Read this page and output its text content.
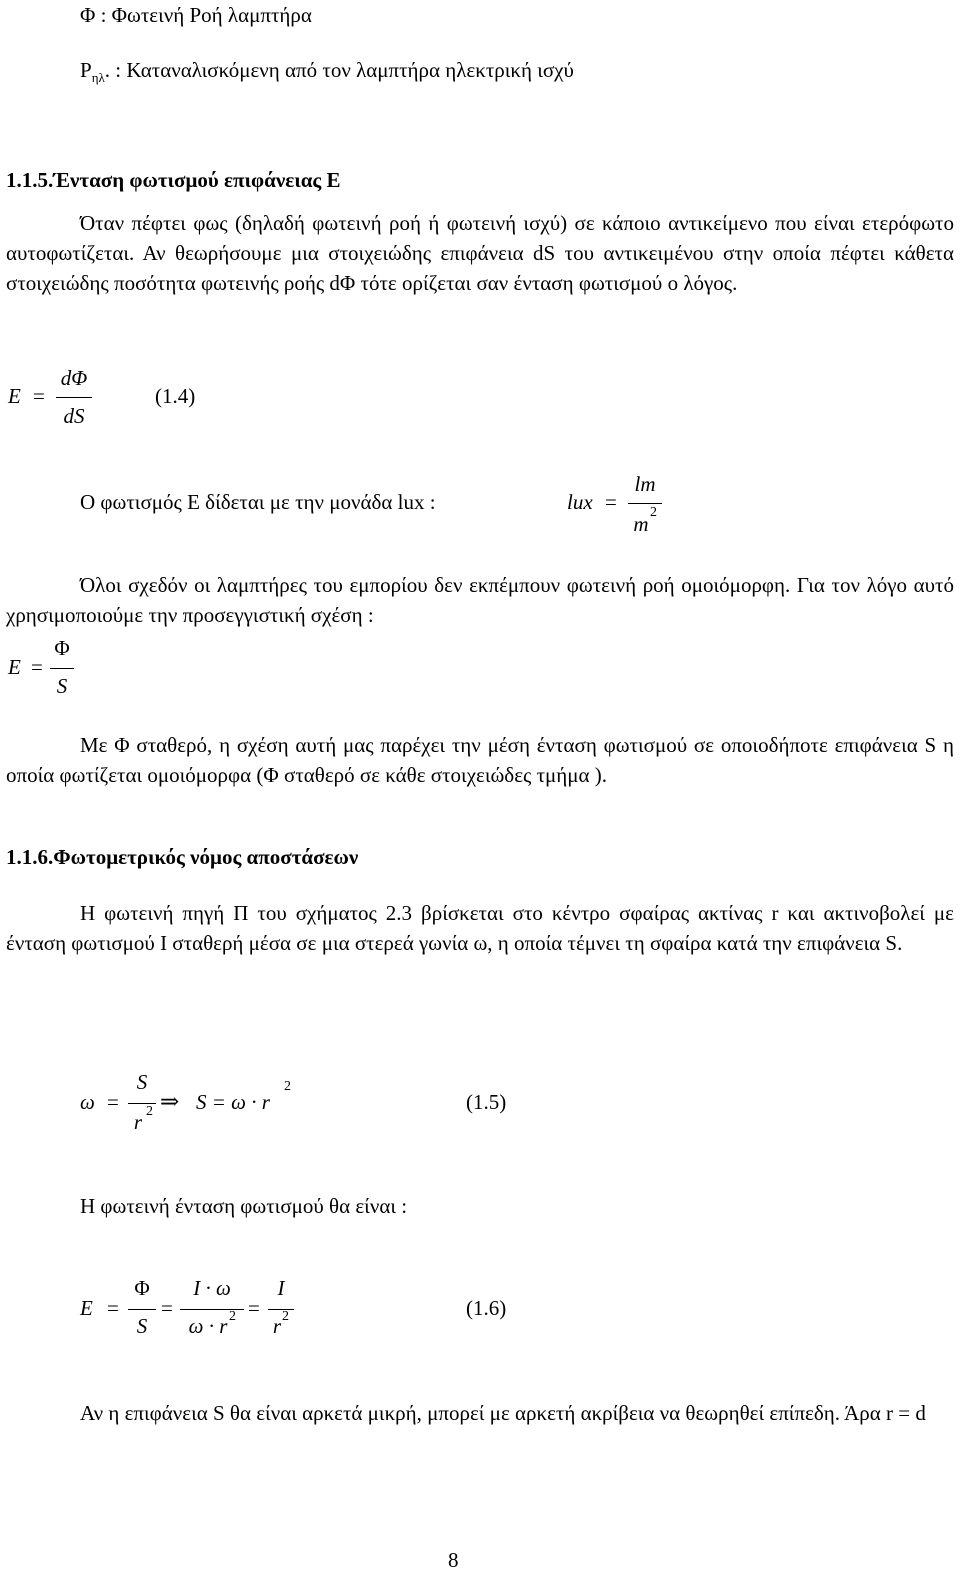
Φ : Φωτεινή Ροή λαμπτήρα
$P_{\eta\lambda}$. : Καταναλισκόμενη από τον λαμπτήρα ηλεκτρική ισχύ
1.1.5.Ένταση φωτισμού επιφάνειας E
Όταν πέφτει φως (δηλαδή φωτεινή ροή ή φωτεινή ισχύ) σε κάποιο αντικείμενο που είναι ετερόφωτο αυτοφωτίζεται. Αν θεωρήσουμε μια στοιχειώδης επιφάνεια dS του αντικειμένου στην οποία πέφτει κάθετα στοιχειώδης ποσότητα φωτεινής ροής dΦ τότε ορίζεται σαν ένταση φωτισμού ο λόγος.
E =
dΦ
dS
(1.4)
Ο φωτισμός E δίδεται με την μονάδα lux :	lux =
lm
m 2
Όλοι σχεδόν οι λαμπτήρες του εμπορίου δεν εκπέμπουν φωτεινή ροή ομοιόμορφη. Για τον λόγο αυτό χρησιμοποιούμε την προσεγγιστική σχέση :
E =
Φ
S
Με Φ σταθερό, η σχέση αυτή μας παρέχει την μέση ένταση φωτισμού σε οποιοδήποτε επιφάνεια S η οποία φωτίζεται ομοιόμορφα (Φ σταθερό σε κάθε στοιχειώδες τμήμα ).
1.1.6.Φωτομετρικός νόμος αποστάσεων
Η φωτεινή πηγή Π του σχήματος 2.3 βρίσκεται στο κέντρο σφαίρας ακτίνας r και ακτινοβολεί με ένταση φωτισμού I σταθερή μέσα σε μια στερεά γωνία ω, η οποία τέμνει τη σφαίρα κατά την επιφάνεια S.
ω =
S
r 2 ⇒ S = ω · r
2
(1.5)
Η φωτεινή ένταση φωτισμού θα είναι :
E =
Φ
S
=
I · ω
ω · r 2 =
I
r 2	(1.6)
Αν η επιφάνεια S θα είναι αρκετά μικρή, μπορεί με αρκετή ακρίβεια να θεωρηθεί επίπεδη. Άρα r = d
8
